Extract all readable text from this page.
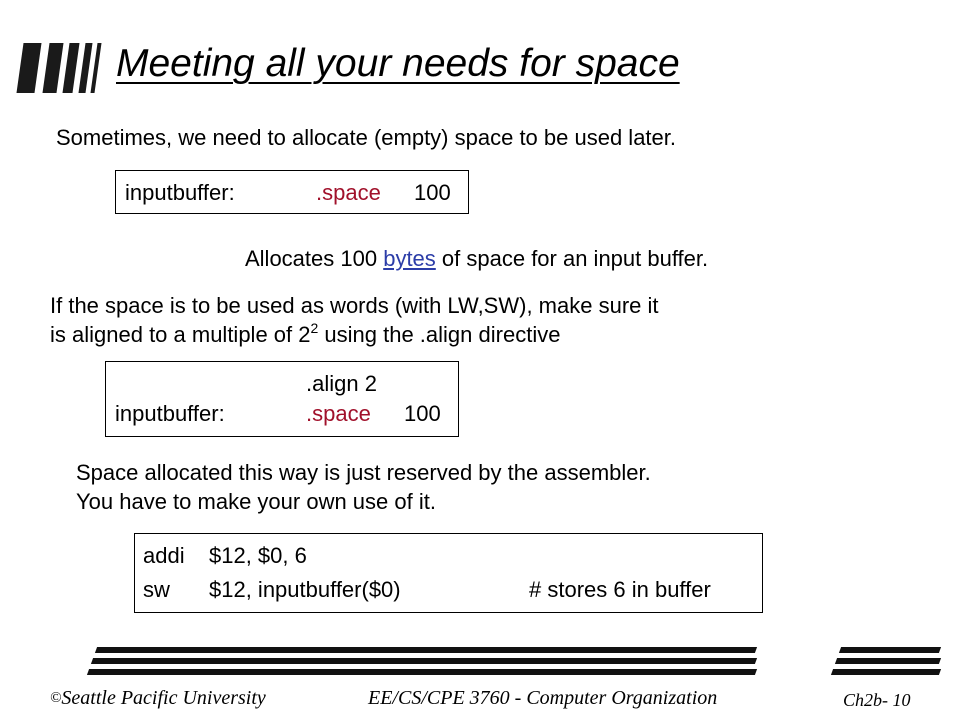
Meeting all your needs for space
Sometimes, we need to allocate (empty) space to be used later.
inputbuffer:	.space 100
Allocates 100 bytes of space for an input buffer.
If the space is to be used as words (with LW,SW), make sure it
is aligned to a multiple of $2^2$ using the .align directive
.align 2
inputbuffer:	.space 100
Space allocated this way is just reserved by the assembler.
You have to make your own use of it.
addi $12, $0, 6
sw $12, inputbuffer($0)	# stores 6 in buffer
©Seattle Pacific University	EE/CS/CPE 3760 - Computer Organization	Ch2b- 10
